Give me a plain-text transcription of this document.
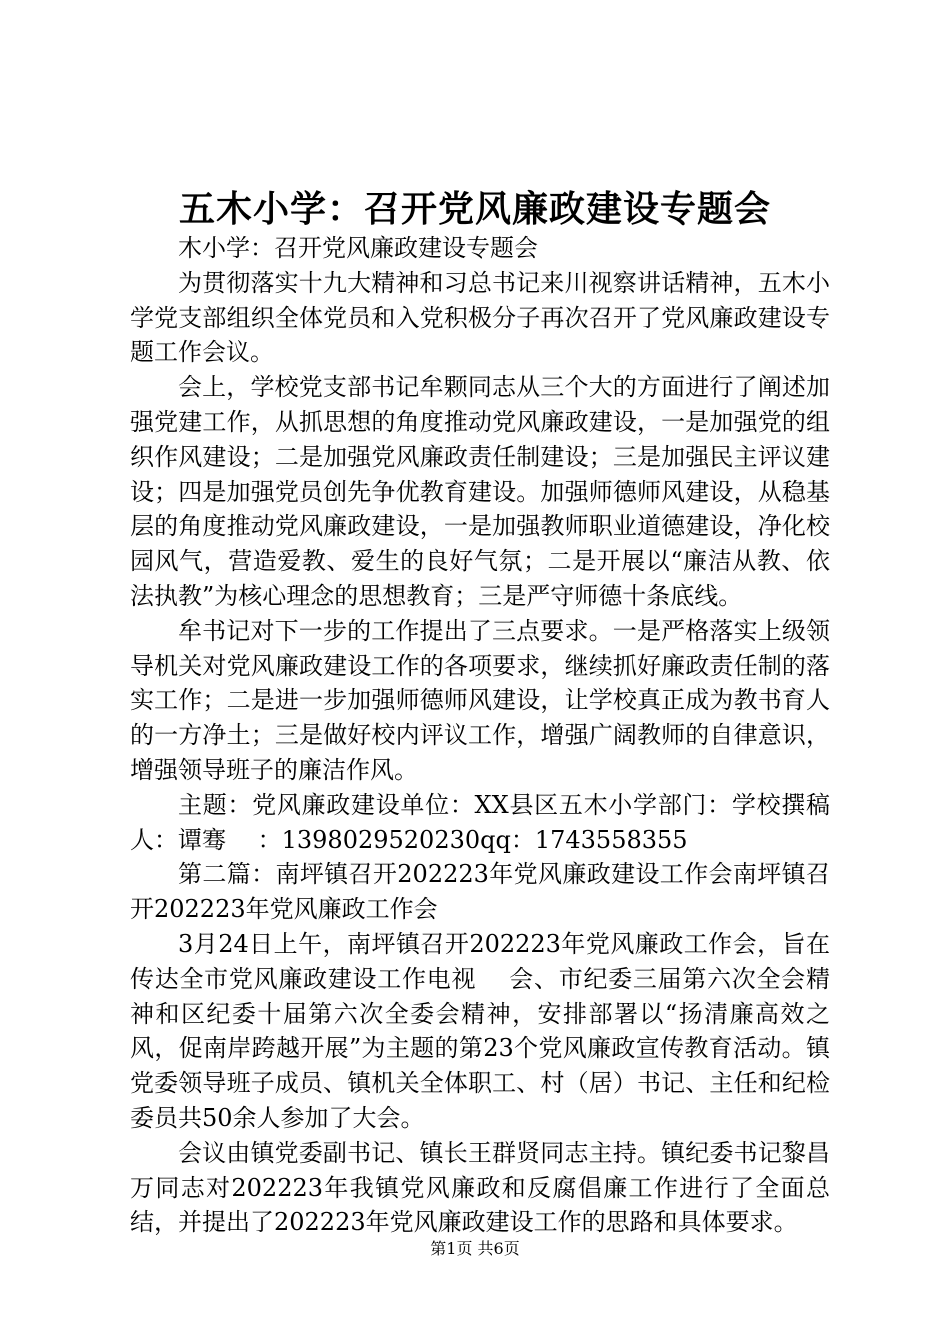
五木小学：召开党风廉政建设专题会

木小学：召开党风廉政建设专题会

为贯彻落实十九大精神和习总书记来川视察讲话精神，五木小学党支部组织全体党员和入党积极分子再次召开了党风廉政建设专题工作会议。

会上，学校党支部书记牟颗同志从三个大的方面进行了阐述加强党建工作，从抓思想的角度推动党风廉政建设，一是加强党的组织作风建设；二是加强党风廉政责任制建设；三是加强民主评议建设；四是加强党员创先争优教育建设。加强师德师风建设，从稳基层的角度推动党风廉政建设，一是加强教师职业道德建设，净化校园风气，营造爱教、爱生的良好气氛；二是开展以“廉洁从教、依法执教”为核心理念的思想教育；三是严守师德十条底线。

牟书记对下一步的工作提出了三点要求。一是严格落实上级领导机关对党风廉政建设工作的各项要求，继续抓好廉政责任制的落实工作；二是进一步加强师德师风建设，让学校真正成为教书育人的一方净土；三是做好校内评议工作，增强广阔教师的自律意识，增强领导班子的廉洁作风。

主题：党风廉政建设单位：XX县区五木小学部门：学校撰稿人：谭骞　 ：1398029520230qq：1743558355

第二篇：南坪镇召开202223年党风廉政建设工作会南坪镇召开202223年党风廉政工作会

3月24日上午，南坪镇召开202223年党风廉政工作会，旨在传达全市党风廉政建设工作电视　 会、市纪委三届第六次全会精神和区纪委十届第六次全委会精神，安排部署以“扬清廉高效之风，促南岸跨越开展”为主题的第23个党风廉政宣传教育活动。镇党委领导班子成员、镇机关全体职工、村（居）书记、主任和纪检委员共50余人参加了大会。

会议由镇党委副书记、镇长王群贤同志主持。镇纪委书记黎昌万同志对202223年我镇党风廉政和反腐倡廉工作进行了全面总结，并提出了202223年党风廉政建设工作的思路和具体要求。

第1页 共6页
